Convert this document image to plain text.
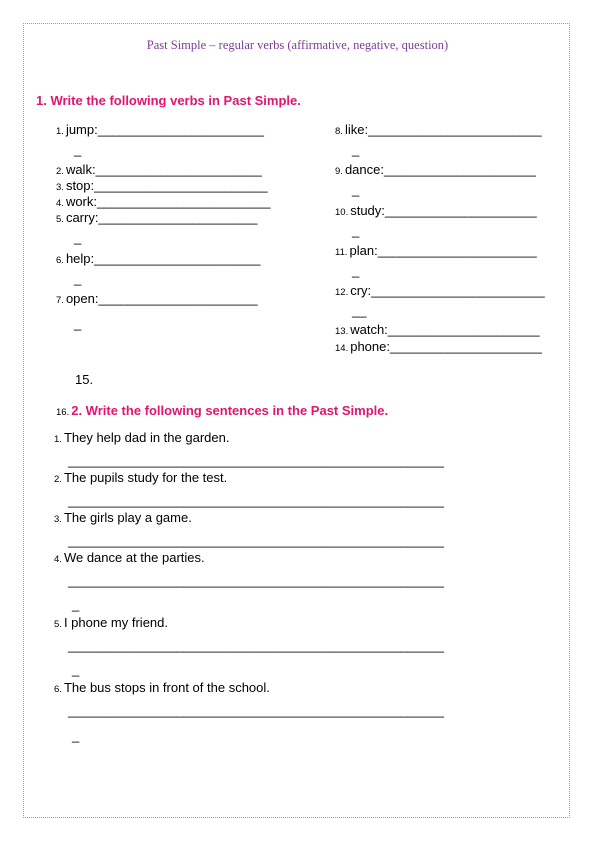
Past Simple – regular verbs (affirmative, negative, question)
1. Write the following verbs in Past Simple.
1. jump:_______________________
_
2. walk:_______________________
3. stop:________________________
4. work:________________________
5. carry:______________________
_
6. help:_______________________
_
7. open:______________________
_
8. like:________________________
_
9. dance:_____________________
_
10. study:_____________________
_
11. plan:______________________
_
12. cry:________________________
__
13. watch:_____________________
14. phone:_____________________
15.
16. 2. Write the following sentences in the Past Simple.
1. They help dad in the garden.
____________________________________________________
2. The pupils study for the test.
____________________________________________________
3. The girls play a game.
____________________________________________________
4. We dance at the parties.
____________________________________________________
_
5. I phone my friend.
____________________________________________________
_
6. The bus stops in front of the school.
____________________________________________________
_
